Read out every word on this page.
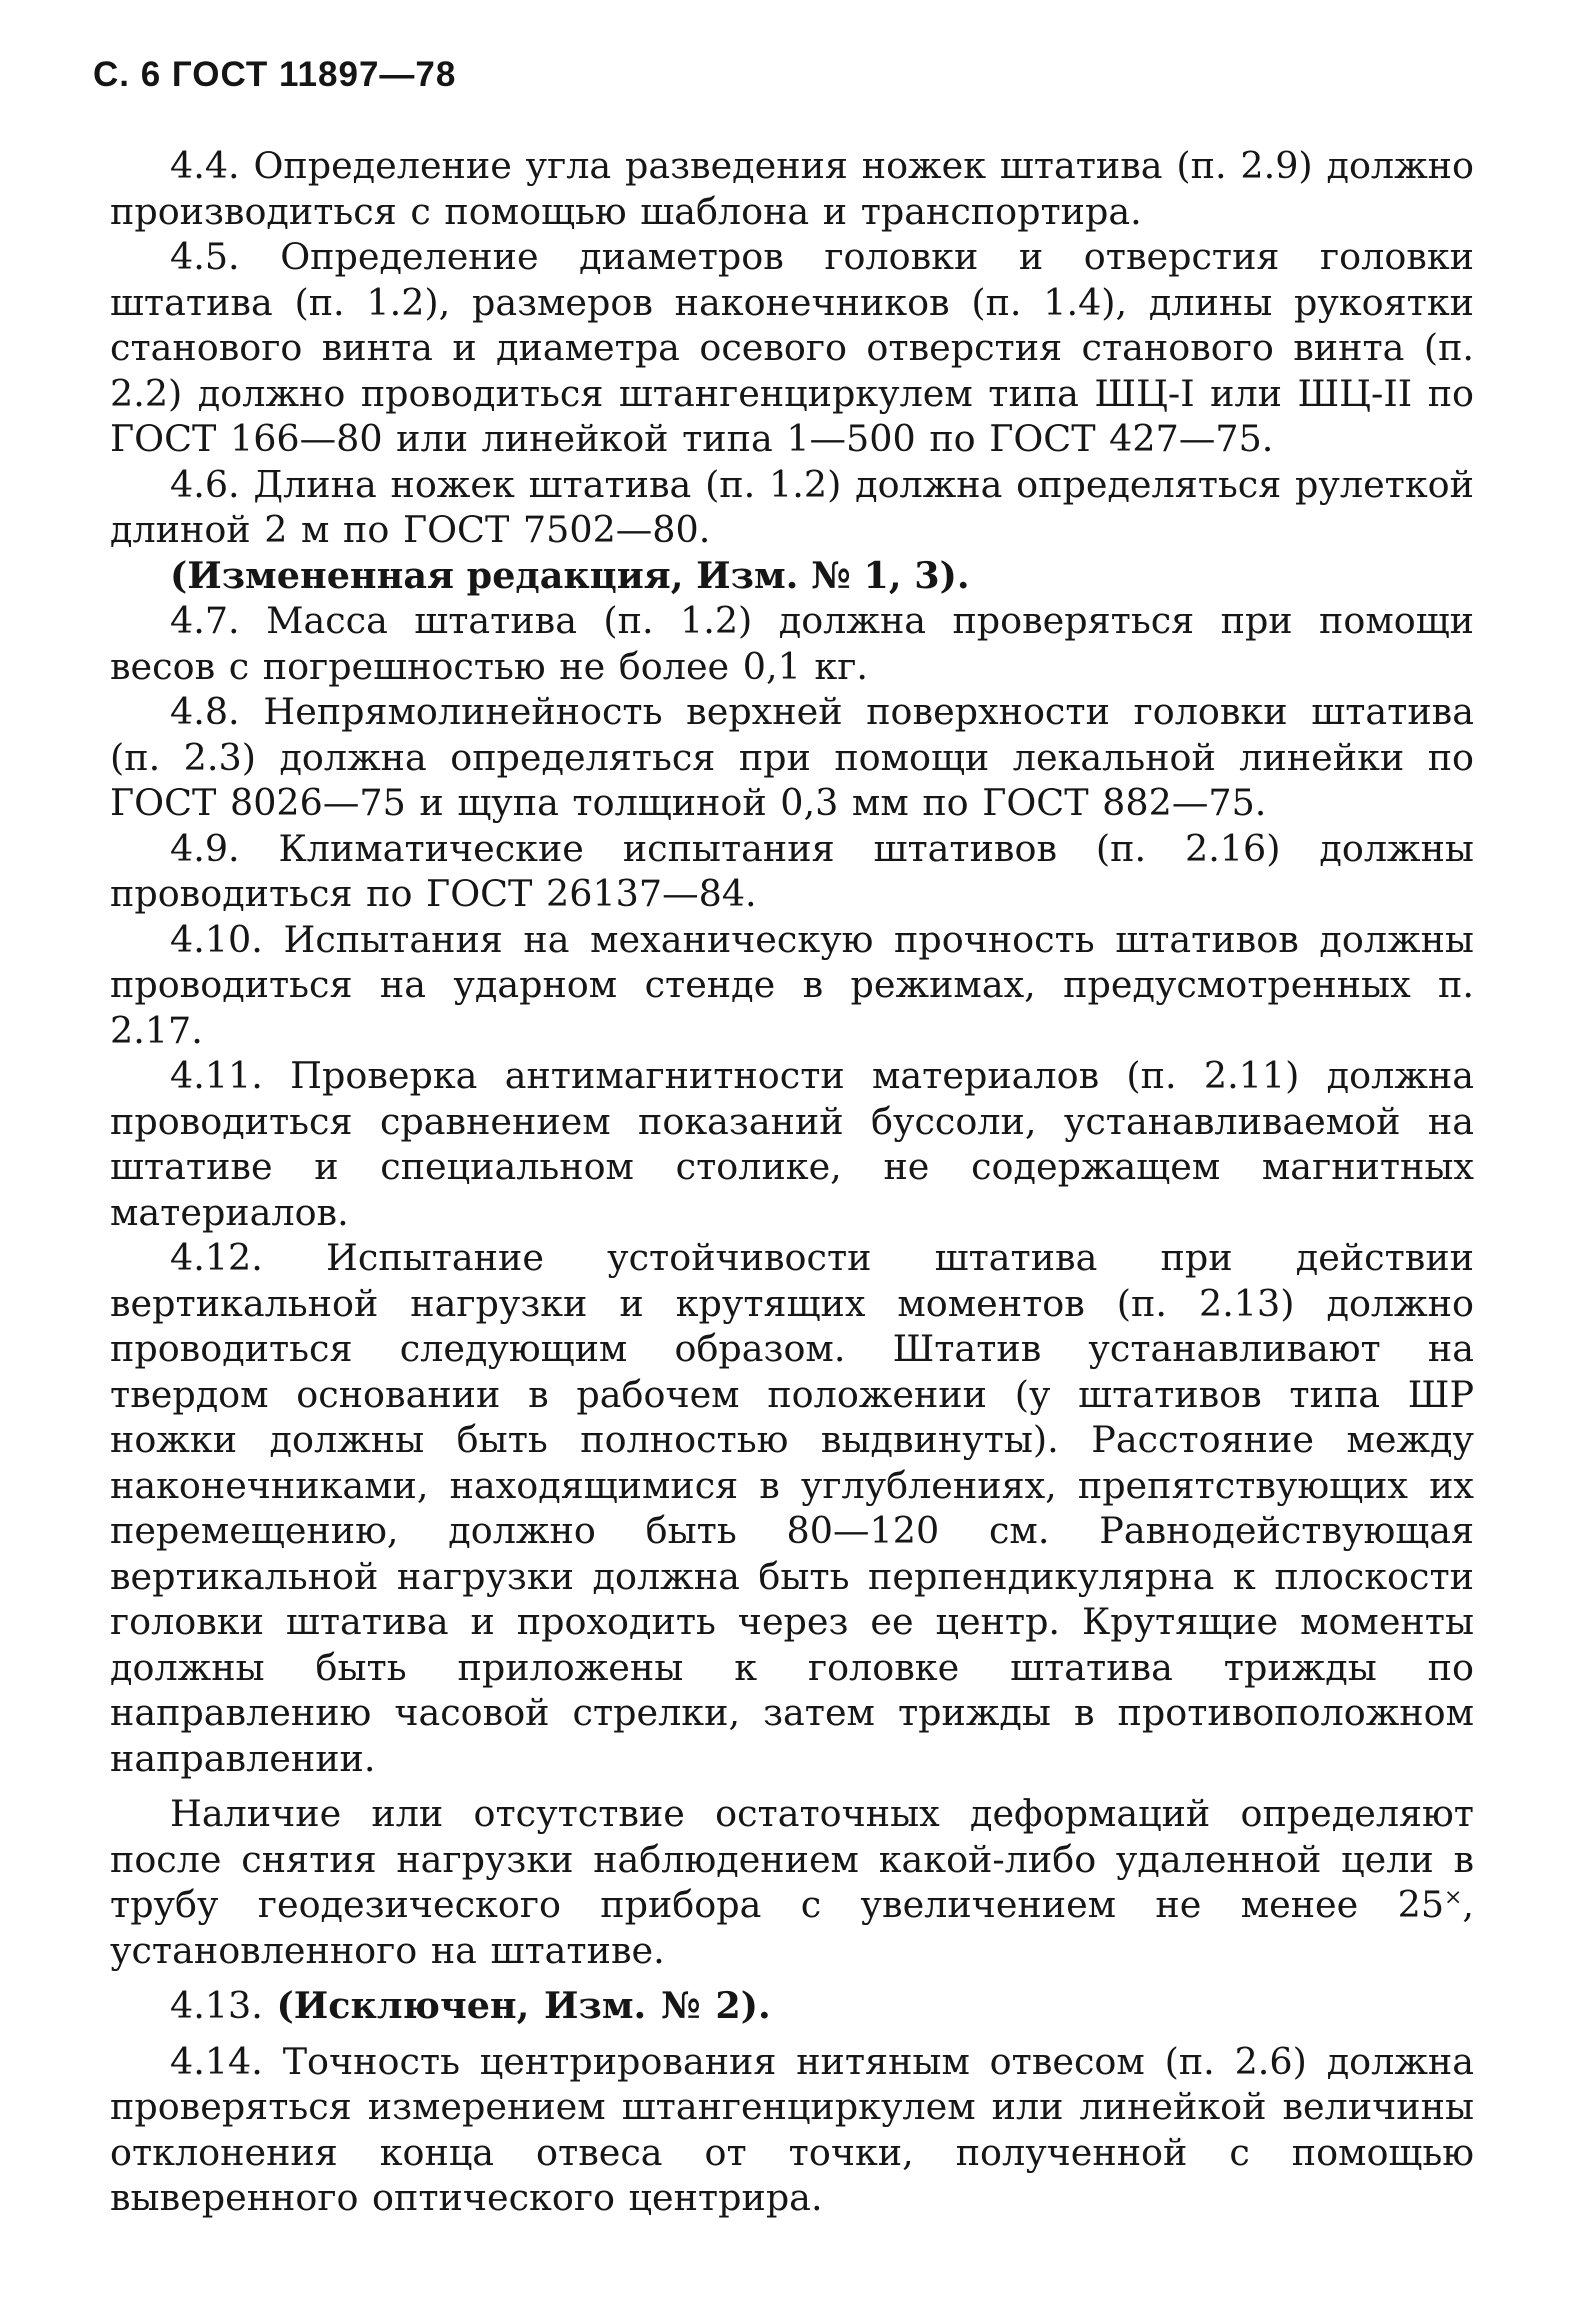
С. 6 ГОСТ 11897—78

4.4. Определение угла разведения ножек штатива (п. 2.9) должно производиться с помощью шаблона и транспортира.

4.5. Определение диаметров головки и отверстия головки штатива (п. 1.2), размеров наконечников (п. 1.4), длины рукоятки станового винта и диаметра осевого отверстия станового винта (п. 2.2) должно проводиться штангенциркулем типа ШЦ-I или ШЦ-II по ГОСТ 166—80 или линейкой типа 1—500 по ГОСТ 427—75.

4.6. Длина ножек штатива (п. 1.2) должна определяться рулеткой длиной 2 м по ГОСТ 7502—80.

(Измененная редакция, Изм. № 1, 3).

4.7. Масса штатива (п. 1.2) должна проверяться при помощи весов с погрешностью не более 0,1 кг.

4.8. Непрямолинейность верхней поверхности головки штатива (п. 2.3) должна определяться при помощи лекальной линейки по ГОСТ 8026—75 и щупа толщиной 0,3 мм по ГОСТ 882—75.

4.9. Климатические испытания штативов (п. 2.16) должны проводиться по ГОСТ 26137—84.

4.10. Испытания на механическую прочность штативов должны проводиться на ударном стенде в режимах, предусмотренных п. 2.17.

4.11. Проверка антимагнитности материалов (п. 2.11) должна проводиться сравнением показаний буссоли, устанавливаемой на штативе и специальном столике, не содержащем магнитных материалов.

4.12. Испытание устойчивости штатива при действии вертикальной нагрузки и крутящих моментов (п. 2.13) должно проводиться следующим образом. Штатив устанавливают на твердом основании в рабочем положении (у штативов типа ШР ножки должны быть полностью выдвинуты). Расстояние между наконечниками, находящимися в углублениях, препятствующих их перемещению, должно быть 80—120 см. Равнодействующая вертикальной нагрузки должна быть перпендикулярна к плоскости головки штатива и проходить через ее центр. Крутящие моменты должны быть приложены к головке штатива трижды по направлению часовой стрелки, затем трижды в противоположном направлении.

Наличие или отсутствие остаточных деформаций определяют после снятия нагрузки наблюдением какой-либо удаленной цели в трубу геодезического прибора с увеличением не менее 25×, установленного на штативе.

4.13. (Исключен, Изм. № 2).

4.14. Точность центрирования нитяным отвесом (п. 2.6) должна проверяться измерением штангенциркулем или линейкой величины отклонения конца отвеса от точки, полученной с помощью выверенного оптического центрира.
